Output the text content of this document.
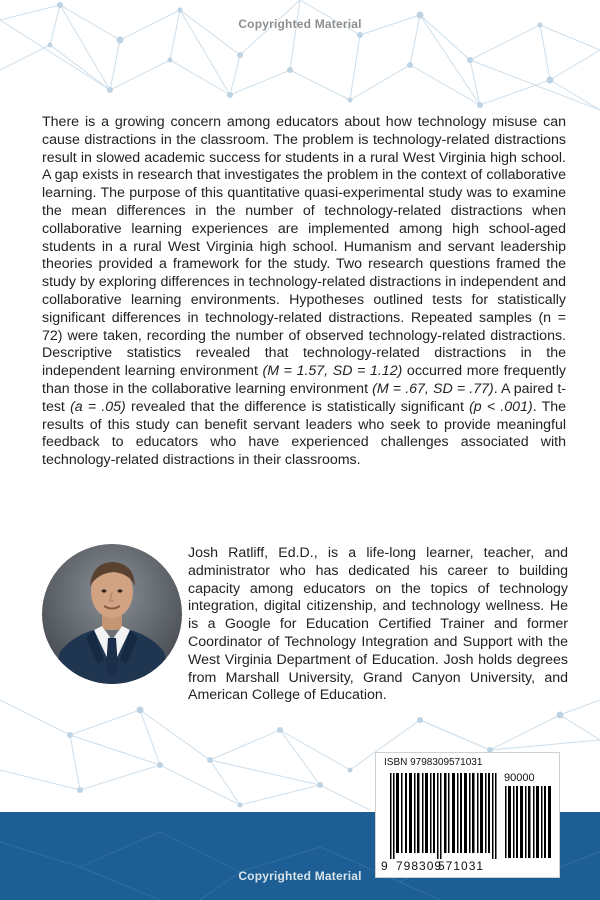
Copyrighted Material
There is a growing concern among educators about how technology misuse can cause distractions in the classroom. The problem is technology-related distractions result in slowed academic success for students in a rural West Virginia high school. A gap exists in research that investigates the problem in the context of collaborative learning. The purpose of this quantitative quasi-experimental study was to examine the mean differences in the number of technology-related distractions when collaborative learning experiences are implemented among high school-aged students in a rural West Virginia high school. Humanism and servant leadership theories provided a framework for the study. Two research questions framed the study by exploring differences in technology-related distractions in independent and collaborative learning environments. Hypotheses outlined tests for statistically significant differences in technology-related distractions. Repeated samples (n = 72) were taken, recording the number of observed technology-related distractions. Descriptive statistics revealed that technology-related distractions in the independent learning environment (M = 1.57, SD = 1.12) occurred more frequently than those in the collaborative learning environment (M = .67, SD = .77). A paired t-test (a = .05) revealed that the difference is statistically significant (p < .001). The results of this study can benefit servant leaders who seek to provide meaningful feedback to educators who have experienced challenges associated with technology-related distractions in their classrooms.
Josh Ratliff, Ed.D., is a life-long learner, teacher, and administrator who has dedicated his career to building capacity among educators on the topics of technology integration, digital citizenship, and technology wellness. He is a Google for Education Certified Trainer and former Coordinator of Technology Integration and Support with the West Virginia Department of Education. Josh holds degrees from Marshall University, Grand Canyon University, and American College of Education.
ISBN 9798309571031
90000
9 798309
571031
Copyrighted Material
